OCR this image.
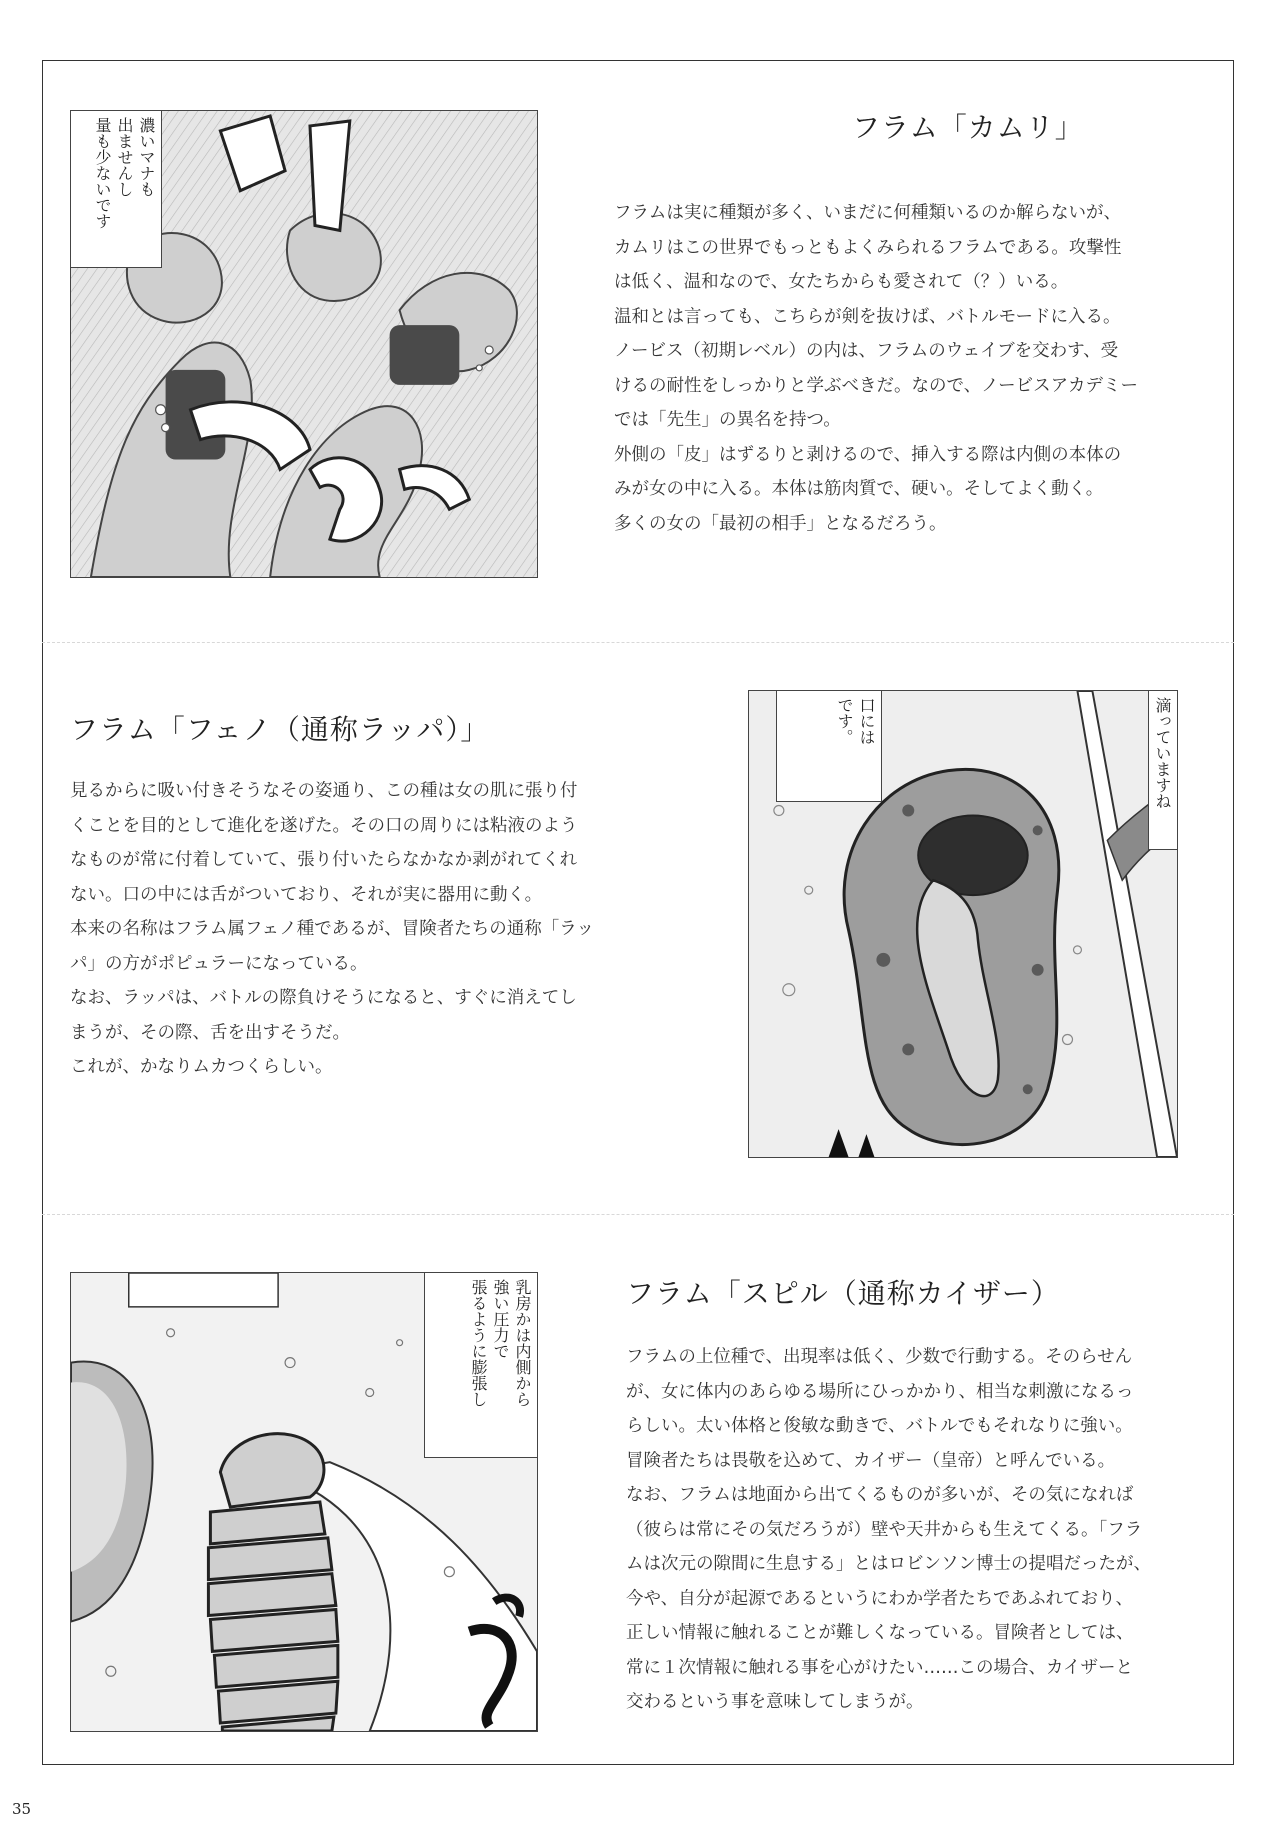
濃いマナも
出ませんし
量も少ないです	フラム「カムリ」

フラムは実に種類が多く、いまだに何種類いるのか解らないが、

カムリはこの世界でもっともよくみられるフラムである。攻撃性

は低く、温和なので、女たちからも愛されて（？）いる。

温和とは言っても、こちらが剣を抜けば、バトルモードに入る。

ノービス（初期レベル）の内は、フラムのウェイブを交わす、受

けるの耐性をしっかりと学ぶべきだ。なので、ノービスアカデミー

では「先生」の異名を持つ。

外側の「皮」はずるりと剥けるので、挿入する際は内側の本体の

みが女の中に入る。本体は筋肉質で、硬い。そしてよく動く。

多くの女の「最初の相手」となるだろう。

フラム「フェノ（通称ラッパ）」

見るからに吸い付きそうなその姿通り、この種は女の肌に張り付

くことを目的として進化を遂げた。その口の周りには粘液のよう

なものが常に付着していて、張り付いたらなかなか剥がれてくれ

ない。口の中には舌がついており、それが実に器用に動く。

本来の名称はフラム属フェノ種であるが、冒険者たちの通称「ラッ

パ」の方がポピュラーになっている。

なお、ラッパは、バトルの際負けそうになると、すぐに消えてし

まうが、その際、舌を出すそうだ。

これが、かなりムカつくらしい。

口には
です。	滴っていますね
乳房かは内側から
強い圧力で
張るように膨張し	フラム「スピル（通称カイザー）

フラムの上位種で、出現率は低く、少数で行動する。そのらせん

が、女に体内のあらゆる場所にひっかかり、相当な刺激になるっ

らしい。太い体格と俊敏な動きで、バトルでもそれなりに強い。

冒険者たちは畏敬を込めて、カイザー（皇帝）と呼んでいる。

なお、フラムは地面から出てくるものが多いが、その気になれば

（彼らは常にその気だろうが）壁や天井からも生えてくる。「フラ

ムは次元の隙間に生息する」とはロビンソン博士の提唱だったが、

今や、自分が起源であるというにわか学者たちであふれており、

正しい情報に触れることが難しくなっている。冒険者としては、

常に１次情報に触れる事を心がけたい……この場合、カイザーと

交わるという事を意味してしまうが。

35
